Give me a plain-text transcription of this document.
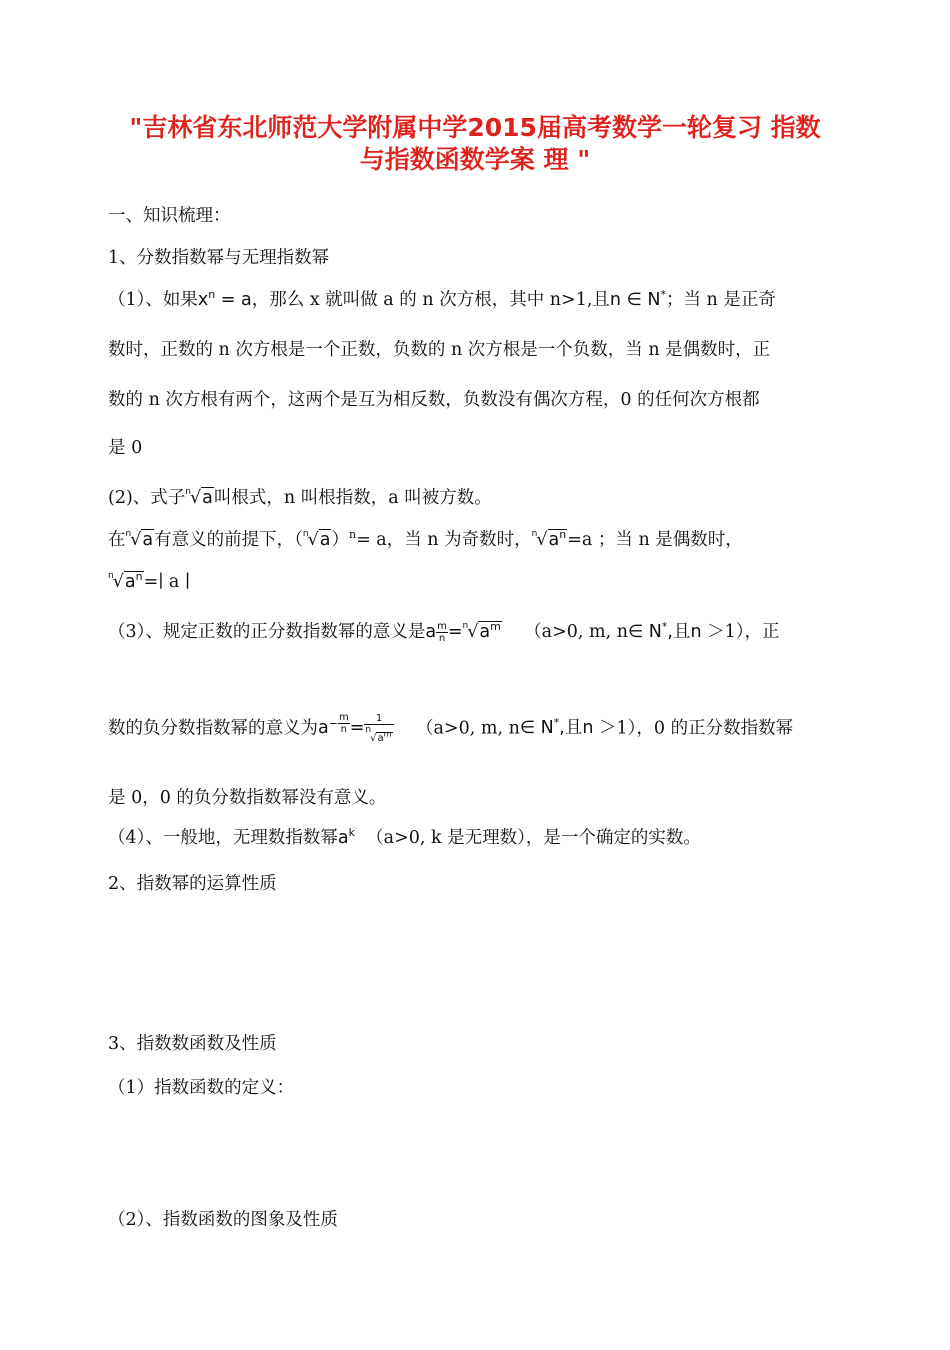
"吉林省东北师范大学附属中学2015届高考数学一轮复习 指数
与指数函数学案 理 "
一、知识梳理：
1、分数指数幂与无理指数幂
（1）、如果$x^n = a$，那么 x 就叫做 a 的 n 次方根，其中 n>1,且n ∈ N*；当 n 是正奇
数时，正数的 n 次方根是一个正数，负数的 n 次方根是一个负数，当 n 是偶数时，正
数的 n 次方根有两个，这两个是互为相反数，负数没有偶次方程，0 的任何次方根都
是 0
(2)、式子$^n$√a叫根式，n 叫根指数，a 叫被方数。
在$^n$√a有意义的前提下，$(^n√a)^n= a$，当 n 为奇数时，$^n√a^n=a$ ；当 n 是偶数时，
$^n√a^n=∣$ a ∣
（3）、规定正数的正分数指数幂的意义是a $\frac{m}{n} =^n√a^m$ （a>0, m, n∈ N*,且n ＞1），正
数的负分数指数幂的意义为$a^{- \frac{m}{n}} = \frac{1}{n√a^m} (a>0$, m, n∈ N*,且n ＞1），0 的正分数指数幂
是 0，0 的负分数指数幂没有意义。
（4）、一般地，无理数指数幂$a^k$ （a>0, k 是无理数），是一个确定的实数。
2、指数幂的运算性质
3、指数数函数及性质
（1）指数函数的定义：
（2）、指数函数的图象及性质
